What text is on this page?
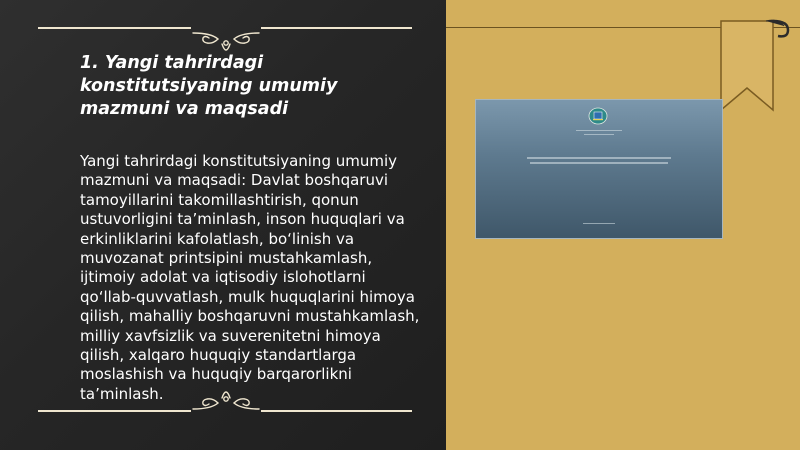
1. Yangi tahrirdagi konstitutsiyaning umumiy mazmuni va maqsadi
Yangi tahrirdagi konstitutsiyaning umumiy mazmuni va maqsadi: Davlat boshqaruvi tamoyillarini takomillashtirish, qonun ustuvorligini ta’minlash, inson huquqlari va erkinliklarini kafolatlash, bo‘linish va muvozanat printsipini mustahkamlash, ijtimoiy adolat va iqtisodiy islohotlarni qo‘llab-quvvatlash, mulk huquqlarini himoya qilish, mahalliy boshqaruvni mustahkamlash, milliy xavfsizlik va suverenitetni himoya qilish, xalqaro huquqiy standartlarga moslashish va huquqiy barqarorlikni ta’minlash.
